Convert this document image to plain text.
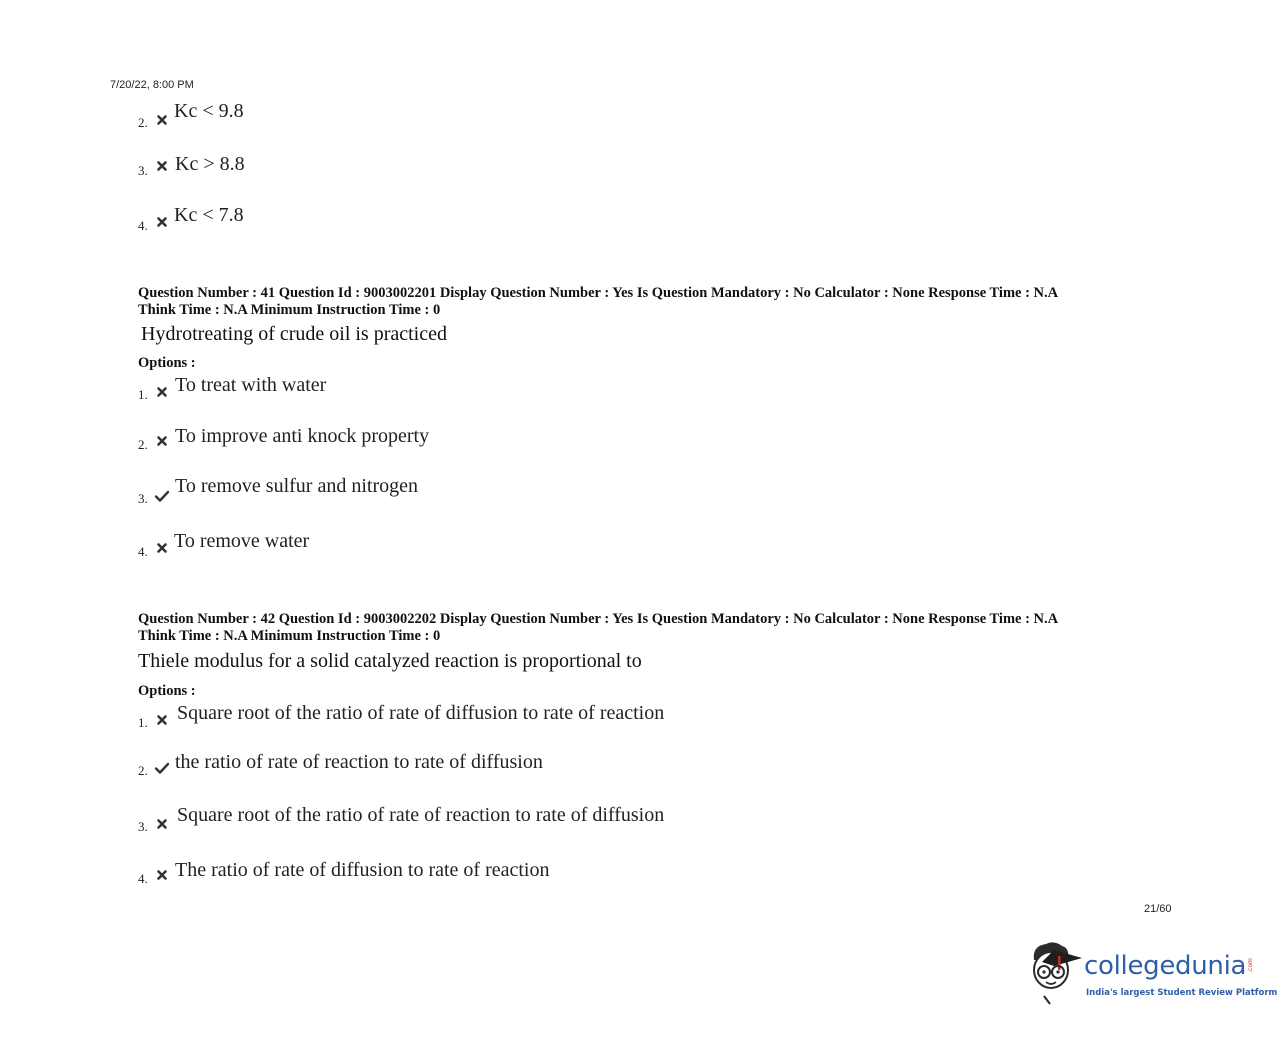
7/20/22, 8:00 PM
2.
Kc < 9.8
3. Kc > 8.8
4. Kc < 7.8
Question Number : 41 Question Id : 9003002201 Display Question Number : Yes Is Question Mandatory : No Calculator : None Response Time : N.A
Think Time : N.A Minimum Instruction Time : 0
Hydrotreating of crude oil is practiced
Options :
1. To treat with water
2. To improve anti knock property
3.
To remove sulfur and nitrogen
4. To remove water
Question Number : 42 Question Id : 9003002202 Display Question Number : Yes Is Question Mandatory : No Calculator : None Response Time : N.A
Think Time : N.A Minimum Instruction Time : 0
Thiele modulus for a solid catalyzed reaction is proportional to
Options :
1. Square root of the ratio of rate of diffusion to rate of reaction
2. the ratio of rate of reaction to rate of diffusion
3.
Square root of the ratio of rate of reaction to rate of diffusion
4. The ratio of rate of diffusion to rate of reaction
21/60
collegedunia .com
India's largest Student Review Platform
